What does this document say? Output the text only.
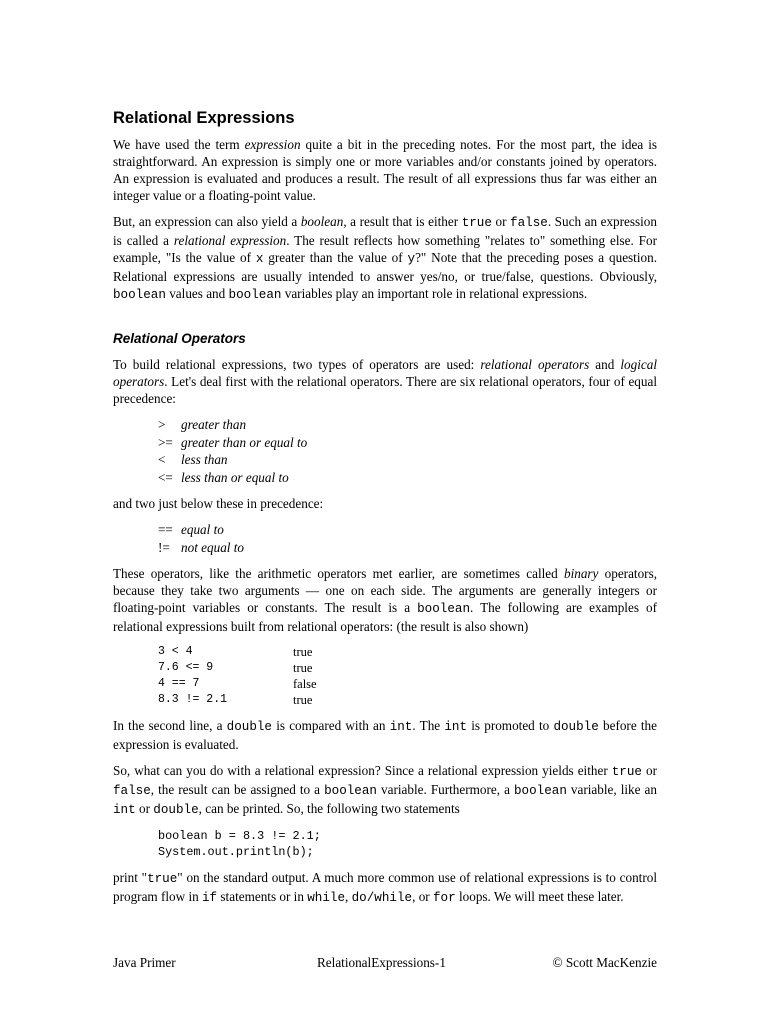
Relational Expressions

We have used the term expression quite a bit in the preceding notes. For the most part, the idea is straightforward. An expression is simply one or more variables and/or constants joined by operators. An expression is evaluated and produces a result. The result of all expressions thus far was either an integer value or a floating-point value.

But, an expression can also yield a boolean, a result that is either true or false. Such an expression is called a relational expression. The result reflects how something "relates to" something else. For example, "Is the value of x greater than the value of y?" Note that the preceding poses a question. Relational expressions are usually intended to answer yes/no, or true/false, questions. Obviously, boolean values and boolean variables play an important role in relational expressions.

Relational Operators

To build relational expressions, two types of operators are used: relational operators and logical operators. Let's deal first with the relational operators. There are six relational operators, four of equal precedence:

>	greater than
>= greater than or equal to
<	less than
<= less than or equal to

and two just below these in precedence:

== equal to
!= not equal to

These operators, like the arithmetic operators met earlier, are sometimes called binary operators, because they take two arguments — one on each side. The arguments are generally integers or floating-point variables or constants. The result is a boolean. The following are examples of relational expressions built from relational operators: (the result is also shown)

3 < 4	true
7.6 <= 9	true
4 == 7	false
8.3 != 2.1	true

In the second line, a double is compared with an int. The int is promoted to double before the expression is evaluated.

So, what can you do with a relational expression? Since a relational expression yields either true or false, the result can be assigned to a boolean variable. Furthermore, a boolean variable, like an int or double, can be printed. So, the following two statements

boolean b = 8.3 != 2.1;
System.out.println(b);

print "true" on the standard output. A much more common use of relational expressions is to control program flow in if statements or in while, do/while, or for loops. We will meet these later.

Java Primer	RelationalExpressions-1	© Scott MacKenzie
